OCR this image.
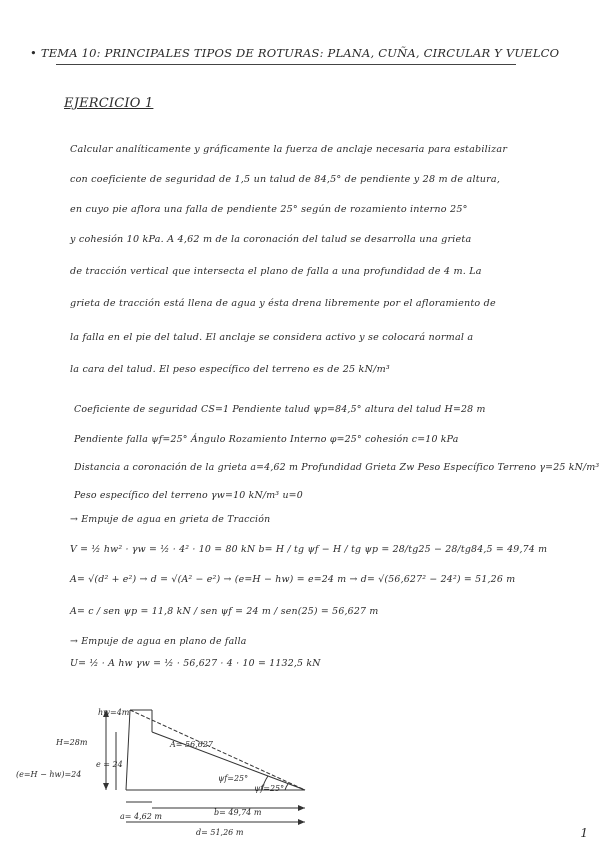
• TEMA 10: PRINCIPALES TIPOS DE ROTURAS: PLANA, CUÑA, CIRCULAR Y VUELCO
EJERCICIO 1
Calcular analíticamente y gráficamente la fuerza de anclaje necesaria para estabilizar
con coeficiente de seguridad de 1,5 un talud de 84,5° de pendiente y 28 m de altura,
en cuyo pie aflora una falla de pendiente 25° según de rozamiento interno 25°
y cohesión 10 kPa. A 4,62 m de la coronación del talud se desarrolla una grieta
de tracción vertical que intersecta el plano de falla a una profundidad de 4 m. La
grieta de tracción está llena de agua y ésta drena libremente por el afloramiento de
la falla en el pie del talud. El anclaje se considera activo y se colocará normal a
la cara del talud. El peso específico del terreno es de 25 kN/m³
Coeficiente de seguridad CS=1 Pendiente talud ψp=84,5° altura del talud H=28 m
Pendiente falla ψf=25° Ángulo Rozamiento Interno φ=25° cohesión c=10 kPa
Distancia a coronación de la grieta a=4,62 m Profundidad Grieta Zw Peso Específico Terreno γ=25 kN/m³
Peso específico del terreno γw=10 kN/m³ u=0
→ Empuje de agua en grieta de Tracción
V = ½ hw² · γw = ½ · 4² · 10 = 80 kN b= H / tg ψf − H / tg ψp = 28/tg25 − 28/tg84,5 = 49,74 m
A= √(d² + e²) → d = √(A² − e²) → (e=H − hw) = e=24 m → d= √(56,627² − 24²) = 51,26 m
A= c / sen ψp = 11,8 kN / sen ψf = 24 m / sen(25) = 56,627 m
→ Empuje de agua en plano de falla
U= ½ · A hw γw = ½ · 56,627 · 4 · 10 = 1132,5 kN
hw=4m
H=28m
e = 24
(e=H − hw)=24
A= 56,627
ψf=25°
ψf=25°
b= 49,74 m
a= 4,62 m
d= 51,26 m	1
